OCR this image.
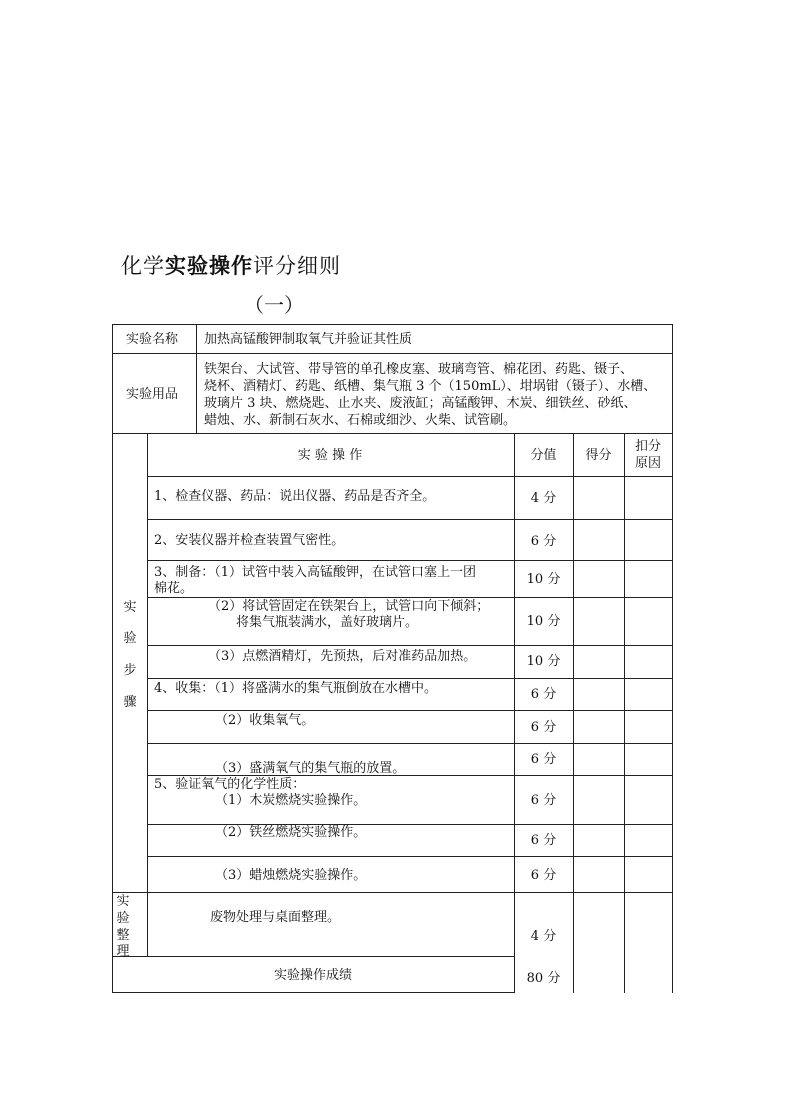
化学实验操作评分细则
（一）
实验名称 加热高锰酸钾制取氧气并验证其性质
实验用品
铁架台、大试管、带导管的单孔橡皮塞、玻璃弯管、棉花团、药匙、镊子、
烧杯、酒精灯、药匙、纸槽、集气瓶 3 个（150mL）、坩埚钳（镊子）、水槽、
玻璃片 3 块、燃烧匙、止水夹、废液缸；高锰酸钾、木炭、细铁丝、砂纸、
蜡烛、水、新制石灰水、石棉或细沙、火柴、试管刷。
实
验
步
骤
实 验 操 作	分值	得分
扣分
原因
1、检查仪器、药品：说出仪器、药品是否齐全。	4 分
2、安装仪器并检查装置气密性。	6 分
3、制备：（1）试管中装入高锰酸钾，在试管口塞上一团
棉花。
10 分
（2）将试管固定在铁架台上，试管口向下倾斜；
将集气瓶装满水，盖好玻璃片。	10 分
（3）点燃酒精灯，先预热，后对准药品加热。	10 分
4、收集：（1）将盛满水的集气瓶倒放在水槽中。	6 分
（2）收集氧气。	6 分
（3）盛满氧气的集气瓶的放置。
6 分
5、验证氧气的化学性质：
（1）木炭燃烧实验操作。	6 分
（2）铁丝燃烧实验操作。
6 分
（3）蜡烛燃烧实验操作。	6 分
实
验
整
理
废物处理与桌面整理。
4 分
实验操作成绩	80 分
